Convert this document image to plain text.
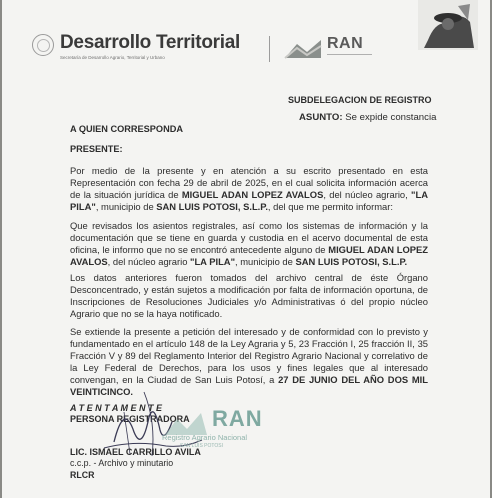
Desarrollo Territorial
Secretaría de Desarrollo Agrario, Territorial y Urbano
RAN
SUBDELEGACION DE REGISTRO
ASUNTO: Se expide constancia
A QUIEN CORRESPONDA
PRESENTE:
Por medio de la presente y en atención a su escrito presentado en esta Representación con fecha 29 de abril de 2025, en el cual solicita información acerca de la situación jurídica de MIGUEL ADAN LOPEZ AVALOS, del núcleo agrario, "LA PILA", municipio de SAN LUIS POTOSI, S.L.P., del que me permito informar:
Que revisados los asientos registrales, así como los sistemas de información y la documentación que se tiene en guarda y custodia en el acervo documental de esta oficina, le informo que no se encontró antecedente alguno de MIGUEL ADAN LOPEZ AVALOS, del núcleo agrario "LA PILA", municipio de SAN LUIS POTOSI, S.L.P.
Los datos anteriores fueron tomados del archivo central de éste Órgano Desconcentrado, y están sujetos a modificación por falta de información oportuna, de Inscripciones de Resoluciones Judiciales y/o Administrativas ó del propio núcleo Agrario que no se la haya notificado.
Se extiende la presente a petición del interesado y de conformidad con lo previsto y fundamentado en el artículo 148 de la Ley Agraria y 5, 23 Fracción I, 25 fracción II, 35 Fracción V y 89 del Reglamento Interior del Registro Agrario Nacional y correlativo de la Ley Federal de Derechos, para los usos y fines legales que al interesado convengan, en la Ciudad de San Luis Potosí, a 27 DE JUNIO DEL AÑO DOS MIL VEINTICINCO.
A T E N T A M E N T E
PERSONA REGISTRADORA RAN
Registro Agrario Nacional
SAN LUIS POTOSI
LIC. ISMAEL CARRILLO AVILA
c.c.p. - Archivo y minutario
RLCR
